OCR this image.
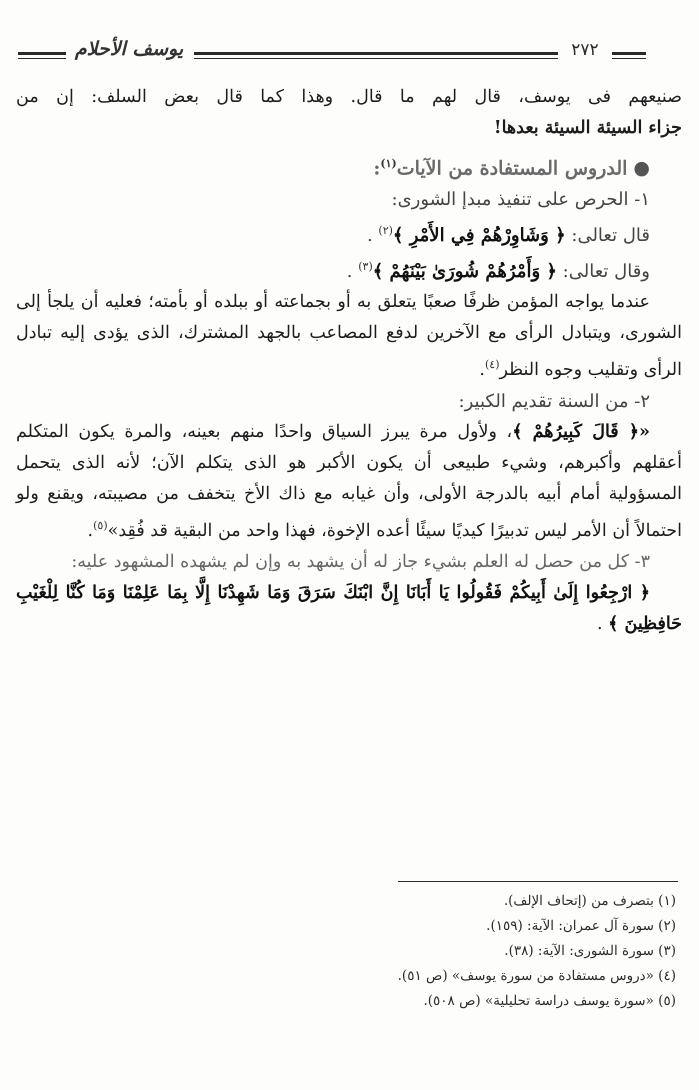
يوسف الأحلام	٢٧٢

صنيعهم فى يوسف، قال لهم ما قال. وهذا كما قال بعض السلف: إن من

جزاء السيئة السيئة بعدها!

●الدروس المستفادة من الآيات$^{(١)}$:

١- الحرص على تنفيذ مبدإ الشورى:

قال تعالى: ﴿ وَشَاوِرْهُمْ فِي الأَمْرِ ﴾$^{(٢)}$ .

وقال تعالى: ﴿ وَأَمْرُهُمْ شُورَىٰ بَيْنَهُمْ ﴾$^{(٣)}$ .

عندما يواجه المؤمن ظرفًا صعبًا يتعلق به أو بجماعته أو ببلده أو بأمته؛ فعليه أن يلجأ إلى الشورى، ويتبادل الرأى مع الآخرين لدفع المصاعب بالجهد المشترك، الذى يؤدى إليه تبادل الرأى وتقليب وجوه النظر$^{(٤)}$.

٢- من السنة تقديم الكبير:

«﴿ قَالَ كَبِيرُهُمْ ﴾، ولأول مرة يبرز السياق واحدًا منهم بعينه، والمرة يكون المتكلم أعقلهم وأكبرهم، وشيء طبيعى أن يكون الأكبر هو الذى يتكلم الآن؛ لأنه الذى يتحمل المسؤولية أمام أبيه بالدرجة الأولى، وأن غيابه مع ذاك الأخ يتخفف من مصيبته، ويقنع ولو احتمالاً أن الأمر ليس تدبيرًا كيديًا سيئًا أعده الإخوة، فهذا واحد من البقية قد فُقِد»$^{(٥)}$.

٣- كل من حصل له العلم بشيء جاز له أن يشهد به وإن لم يشهده المشهود عليه:

﴿ ارْجِعُوا إِلَىٰ أَبِيكُمْ فَقُولُوا يَا أَبَانَا إِنَّ ابْنَكَ سَرَقَ وَمَا شَهِدْنَا إِلَّا بِمَا عَلِمْنَا وَمَا كُنَّا لِلْغَيْبِ حَافِظِينَ ﴾ .

(١) بتصرف من (إتحاف الإلف).

(٢) سورة آل عمران: الآية: (١٥٩).

(٣) سورة الشورى: الآية: (٣٨).

(٤) «دروس مستفادة من سورة يوسف» (ص ٥١).

(٥) «سورة يوسف دراسة تحليلية» (ص ٥٠٨).
